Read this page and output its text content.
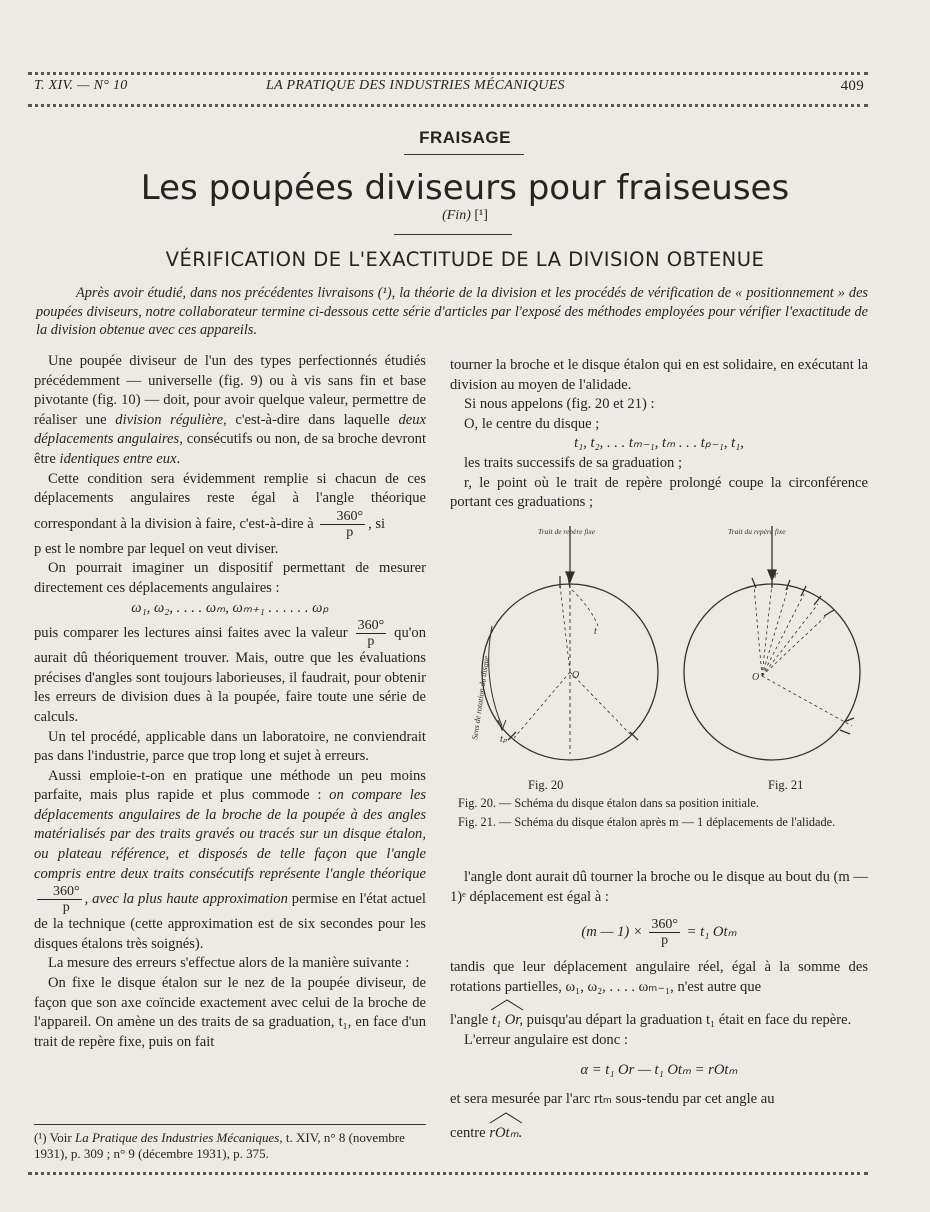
T. XIV. — N° 10	LA PRATIQUE DES INDUSTRIES MÉCANIQUES	409
FRAISAGE
Les poupées diviseurs pour fraiseuses
(Fin) [¹]
VÉRIFICATION DE L'EXACTITUDE DE LA DIVISION OBTENUE
Après avoir étudié, dans nos précédentes livraisons (¹), la théorie de la division et les procédés de vérification de « positionnement » des poupées diviseurs, notre collaborateur termine ci-dessous cette série d'articles par l'exposé des méthodes employées pour vérifier l'exactitude de la division obtenue avec ces appareils.

Une poupée diviseur de l'un des types perfectionnés étudiés précédemment — universelle (fig. 9) ou à vis sans fin et base pivotante (fig. 10) — doit, pour avoir quelque valeur, permettre de réaliser une division régulière, c'est-à-dire dans laquelle deux déplacements angulaires, consécutifs ou non, de sa broche devront être identiques entre eux.

Cette condition sera évidemment remplie si chacun de ces déplacements angulaires reste égal à l'angle théorique correspondant à la division à faire, c'est-à-dire à $\frac{360^\circ}{p}$ , si

p est le nombre par lequel on veut diviser.

On pourrait imaginer un dispositif permettant de mesurer directement ces déplacements angulaires :

ω₁, ω₂, . . . . ωₘ, ωₘ₊₁ . . . . . . ωₚ

puis comparer les lectures ainsi faites avec la valeur $\frac{360^\circ}{p} qu'on$ aurait dû théoriquement trouver. Mais, outre que les évaluations précises d'angles sont toujours laborieuses, il faudrait, pour obtenir les erreurs de division dues à la poupée, faire toute une série de calculs.

Un tel procédé, applicable dans un laboratoire, ne conviendrait pas dans l'industrie, parce que trop long et sujet à erreurs.

Aussi emploie-t-on en pratique une méthode un peu moins parfaite, mais plus rapide et plus commode : on compare les déplacements angulaires de la broche de la poupée à des angles matérialisés par des traits gravés ou tracés sur un disque étalon, ou plateau référence, et disposés de telle façon que l'angle compris entre deux traits consécutifs représente l'angle théorique
$\frac{360^\circ}{p}$ , avec la plus haute approximation permise en l'état actuel de la technique (cette approximation est de six secondes pour les disques étalons très soignés).

La mesure des erreurs s'effectue alors de la manière suivante :

On fixe le disque étalon sur le nez de la poupée diviseur, de façon que son axe coïncide exactement avec celui de la broche de l'appareil. On amène un des traits de sa graduation, t₁, en face d'un trait de repère fixe, puis on fait

tourner la broche et le disque étalon qui en est solidaire, en exécutant la division au moyen de l'alidade.

Si nous appelons (fig. 20 et 21) :

O, le centre du disque ;

t₁, t₂, . . . tₘ₋₁, tₘ . . . tₚ₋₁, t₁,

les traits successifs de sa graduation ;

r, le point où le trait de repère prolongé coupe la circonférence portant ces graduations ;

Trait de repère fixe	Trait du repère fixe
O	O
r
t
tₚ
Sens de rotation du disque
Fig. 20	Fig. 21
Fig. 20. — Schéma du disque étalon dans sa position initiale.
Fig. 21. — Schéma du disque étalon après m — 1 déplacements de l'alidade.

l'angle dont aurait dû tourner la broche ou le disque au bout du (m — 1)ᵉ déplacement est égal à :

(m — $1) \times \frac{360^\circ}{p} = t_1$ Otₘ

tandis que leur déplacement angulaire réel, égal à la somme des rotations partielles, ω₁, ω₂, . . . . ωₘ₋₁, n'est autre que

l'angle t₁ Or, puisqu'au départ la graduation t₁ était en face du repère.

L'erreur angulaire est donc :

α = t₁ Or — t₁ Otₘ = rOtₘ

et sera mesurée par l'arc rtₘ sous-tendu par cet angle au

centre rOtₘ.

(¹) Voir La Pratique des Industries Mécaniques, t. XIV, n° 8 (novembre 1931), p. 309 ; n° 9 (décembre 1931), p. 375.
